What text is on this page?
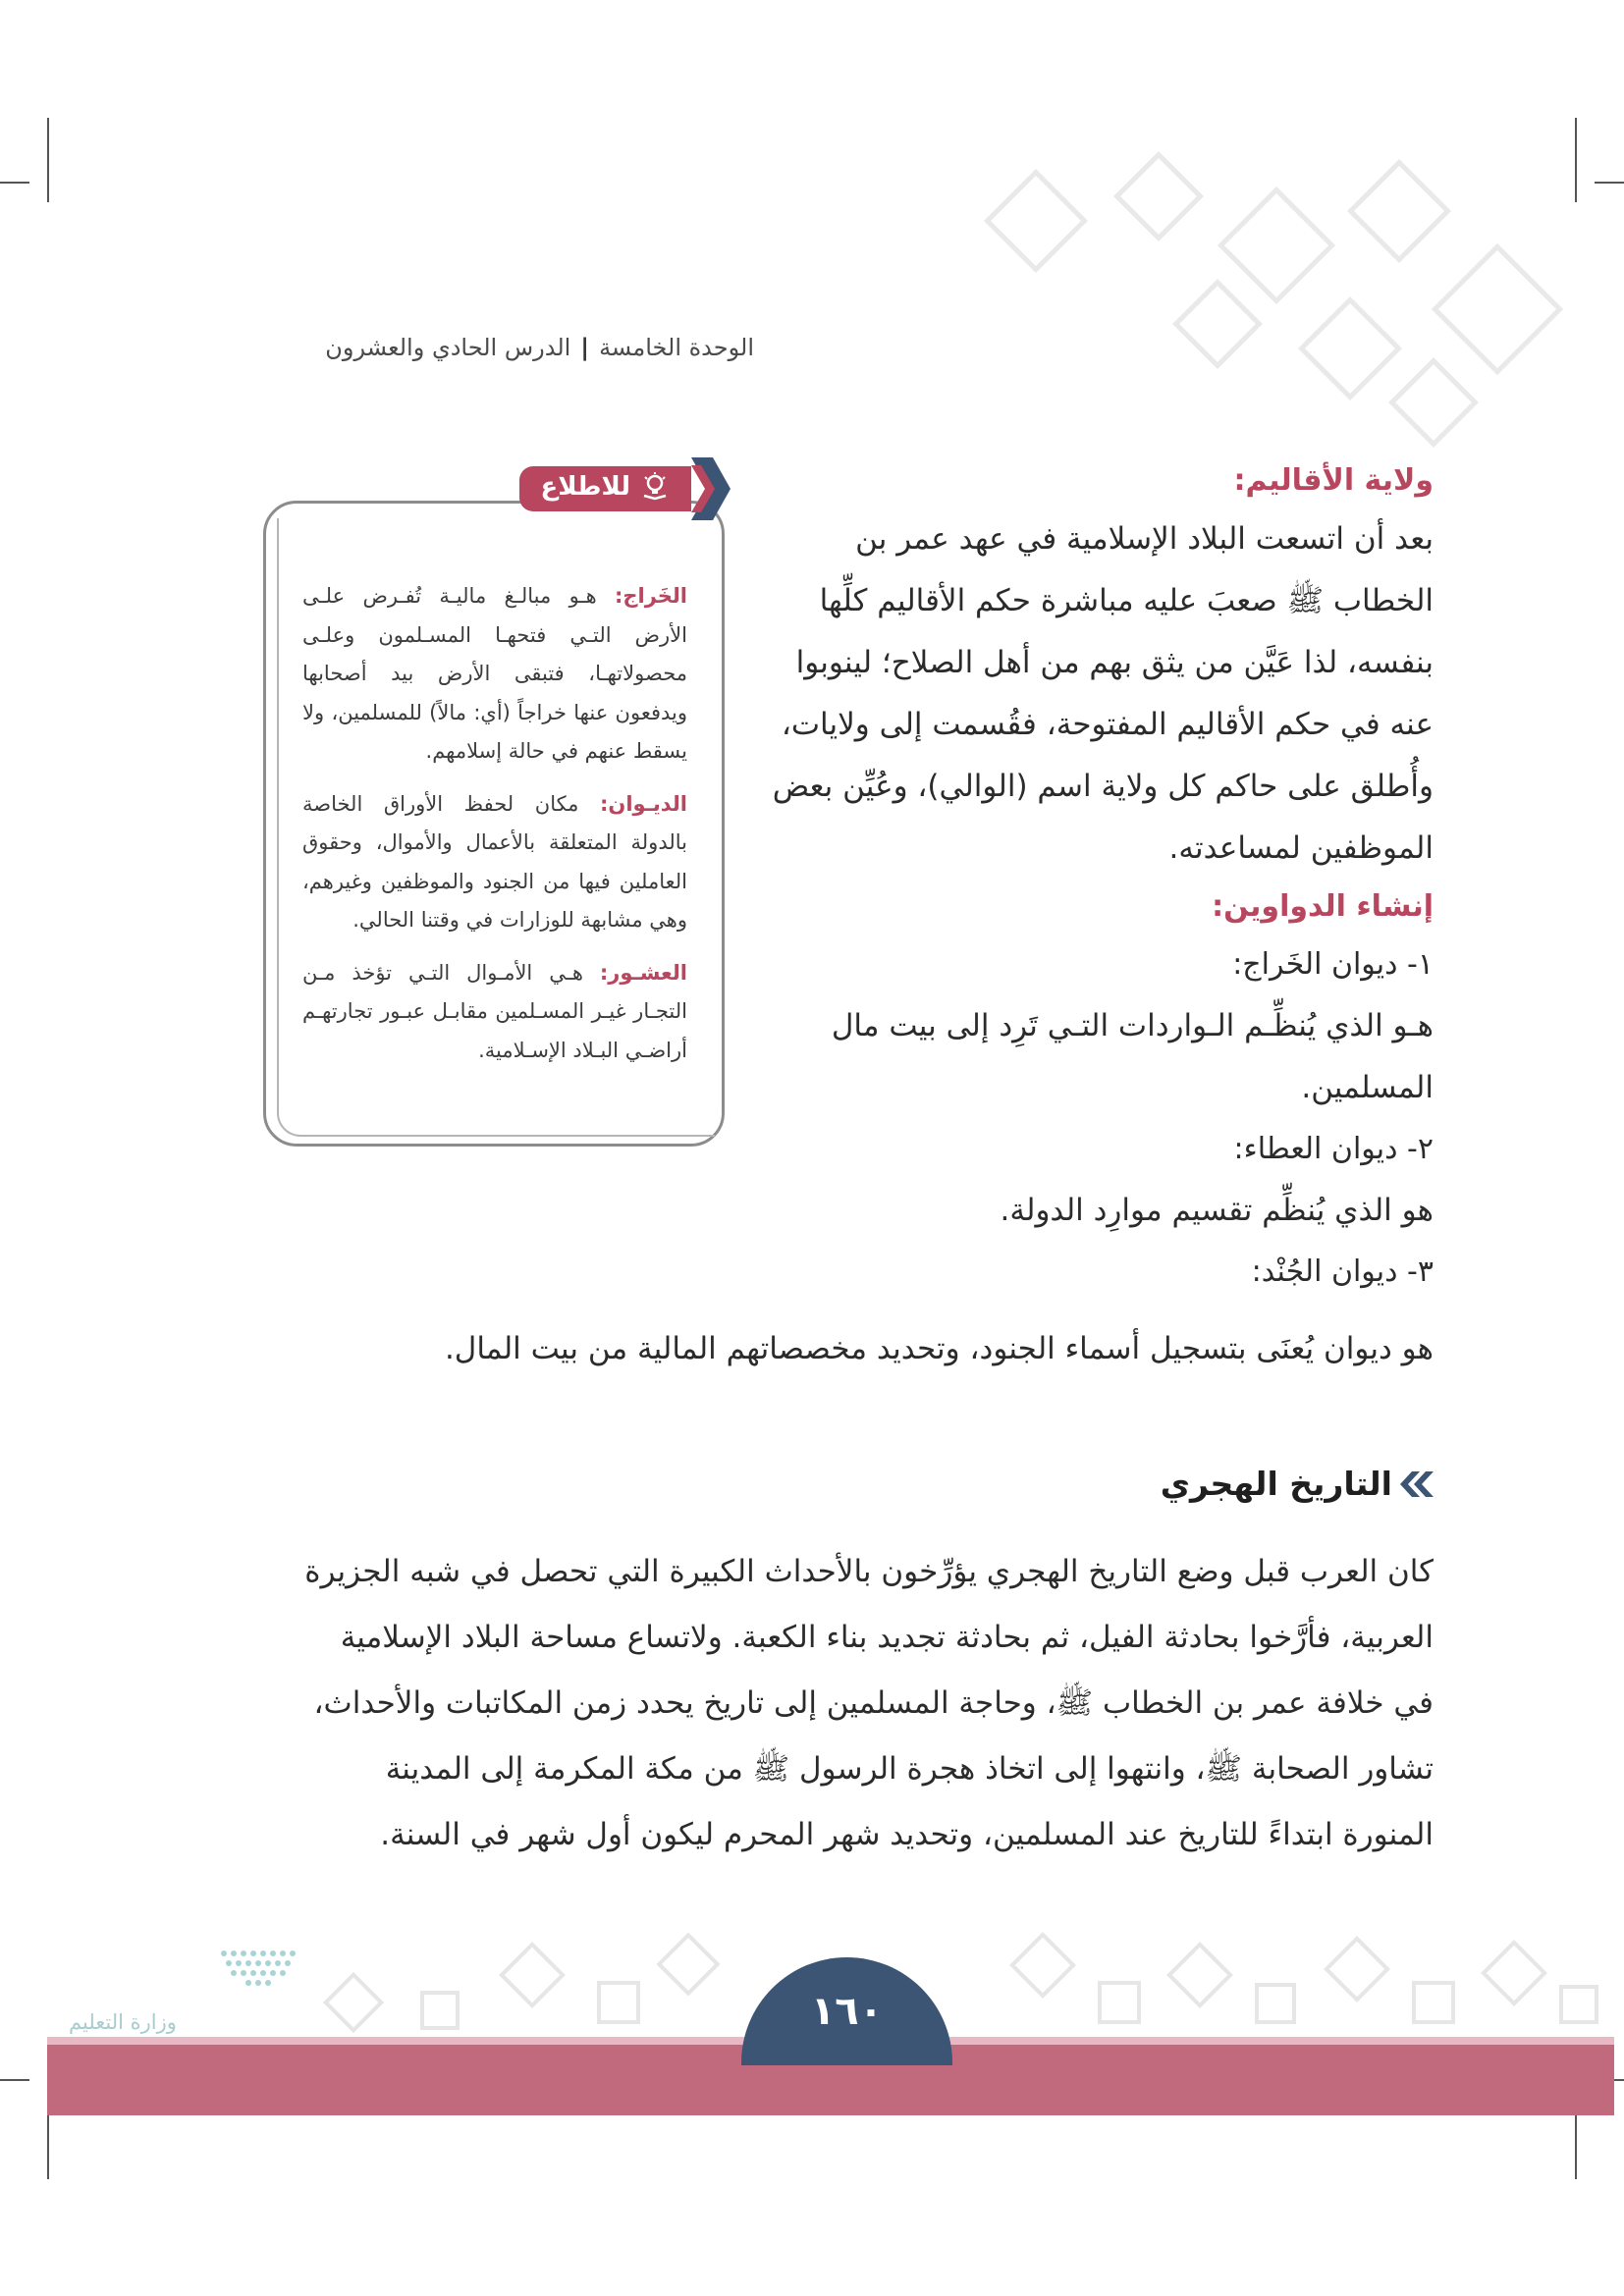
الوحدة الخامسة|الدرس الحادي والعشرون
ولاية الأقاليم:

بعد أن اتسعت البلاد الإسلامية في عهد عمر بن

الخطاب ﷺ صعبَ عليه مباشرة حكم الأقاليم كلِّها

بنفسه، لذا عَيَّن من يثق بهم من أهل الصلاح؛ لينوبوا

عنه في حكم الأقاليم المفتوحة، فقُسمت إلى ولايات،

وأُطلق على حاكم كل ولاية اسم (الوالي)، وعُيِّن بعض

الموظفين لمساعدته.

إنشاء الدواوين:
١- ديوان الخَراج:

هـو الذي يُنظِّـم الـواردات التـي تَرِد إلى بيت مال

المسلمين.

٢- ديوان العطاء:

هو الذي يُنظِّم تقسيم موارِد الدولة.

٣- ديوان الجُنْد:
هو ديوان يُعنَى بتسجيل أسماء الجنود، وتحديد مخصصاتهم المالية من بيت المال.
للاطلاع

الخَراج: هـو مبالـغ ماليـة تُفـرض علـى الأرض التـي فتحهـا المسـلمون وعلـى محصولاتهـا، فتبقى الأرض بيد أصحابها ويدفعون عنها خراجاً (أي: مالاً) للمسلمين، ولا يسقط عنهم في حالة إسلامهم.

الديـوان: مكان لحفظ الأوراق الخاصة بالدولة المتعلقة بالأعمال والأموال، وحقوق العاملين فيها من الجنود والموظفين وغيرهم، وهي مشابهة للوزارات في وقتنا الحالي.

العشـور: هـي الأمـوال التـي تؤخذ مـن التجـار غيـر المسـلمين مقابـل عبـور تجارتهـم أراضـي البـلاد الإسـلامية.

التاريخ الهجري
كان العرب قبل وضع التاريخ الهجري يؤرِّخون بالأحداث الكبيرة التي تحصل في شبه الجزيرة
العربية، فأرَّخوا بحادثة الفيل، ثم بحادثة تجديد بناء الكعبة. ولاتساع مساحة البلاد الإسلامية
في خلافة عمر بن الخطاب ﷺ، وحاجة المسلمين إلى تاريخ يحدد زمن المكاتبات والأحداث،
تشاور الصحابة ﷺ، وانتهوا إلى اتخاذ هجرة الرسول ﷺ من مكة المكرمة إلى المدينة
المنورة ابتداءً للتاريخ عند المسلمين، وتحديد شهر المحرم ليكون أول شهر في السنة.
١٦٠
وزارة التعليم
